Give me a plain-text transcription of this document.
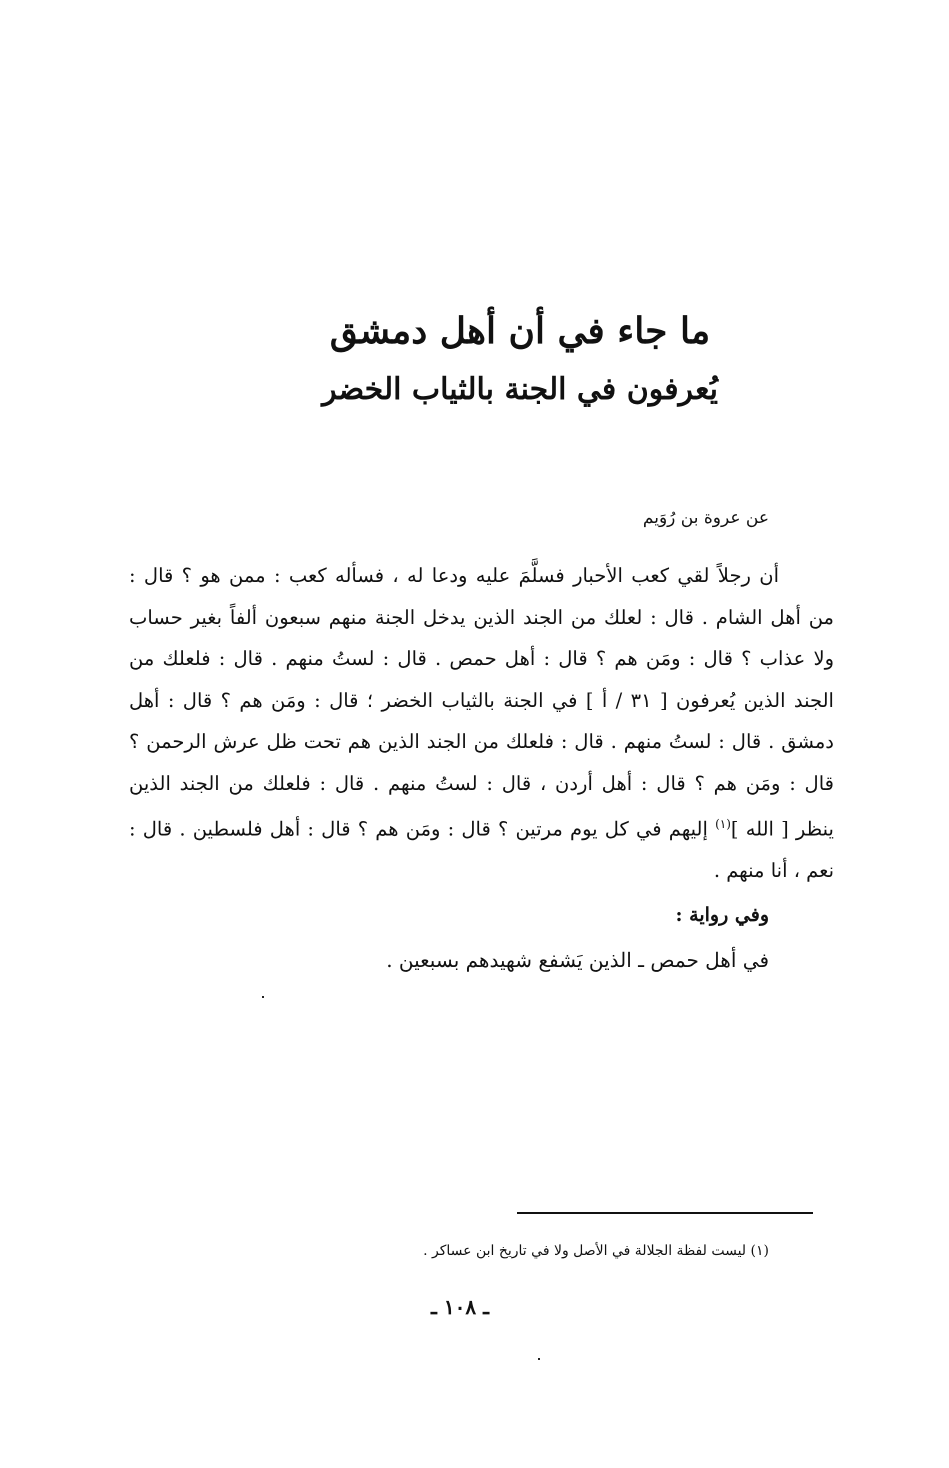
ما جاء في أن أهل دمشق
يُعرفون في الجنة بالثياب الخضر
عن عروة بن رُوَيم
أن رجلاً لقي كعب الأحبار فسلَّمَ عليه ودعا له ، فسأله كعب : ممن هو ؟ قال :
من أهل الشام . قال : لعلك من الجند الذين يدخل الجنة منهم سبعون ألفاً بغير حساب
ولا عذاب ؟ قال : ومَن هم ؟ قال : أهل حمص . قال : لستُ منهم . قال : فلعلك من
الجند الذين يُعرفون [ ٣١ / أ ] في الجنة بالثياب الخضر ؛ قال : ومَن هم ؟ قال : أهل
دمشق . قال : لستُ منهم . قال : فلعلك من الجند الذين هم تحت ظل عرش الرحمن ؟
قال : ومَن هم ؟ قال : أهل أردن ، قال : لستُ منهم . قال : فلعلك من الجند الذين
ينظر [ الله ]$^{(١)}$ إليهم في كل يوم مرتين ؟ قال : ومَن هم ؟ قال : أهل فلسطين . قال :
نعم ، أنا منهم .
وفي رواية :
في أهل حمص ـ الذين يَشفع شهيدهم بسبعين .
(١) ليست لفظة الجلالة في الأصل ولا في تاريخ ابن عساكر .
ـ ١٠٨ ـ
